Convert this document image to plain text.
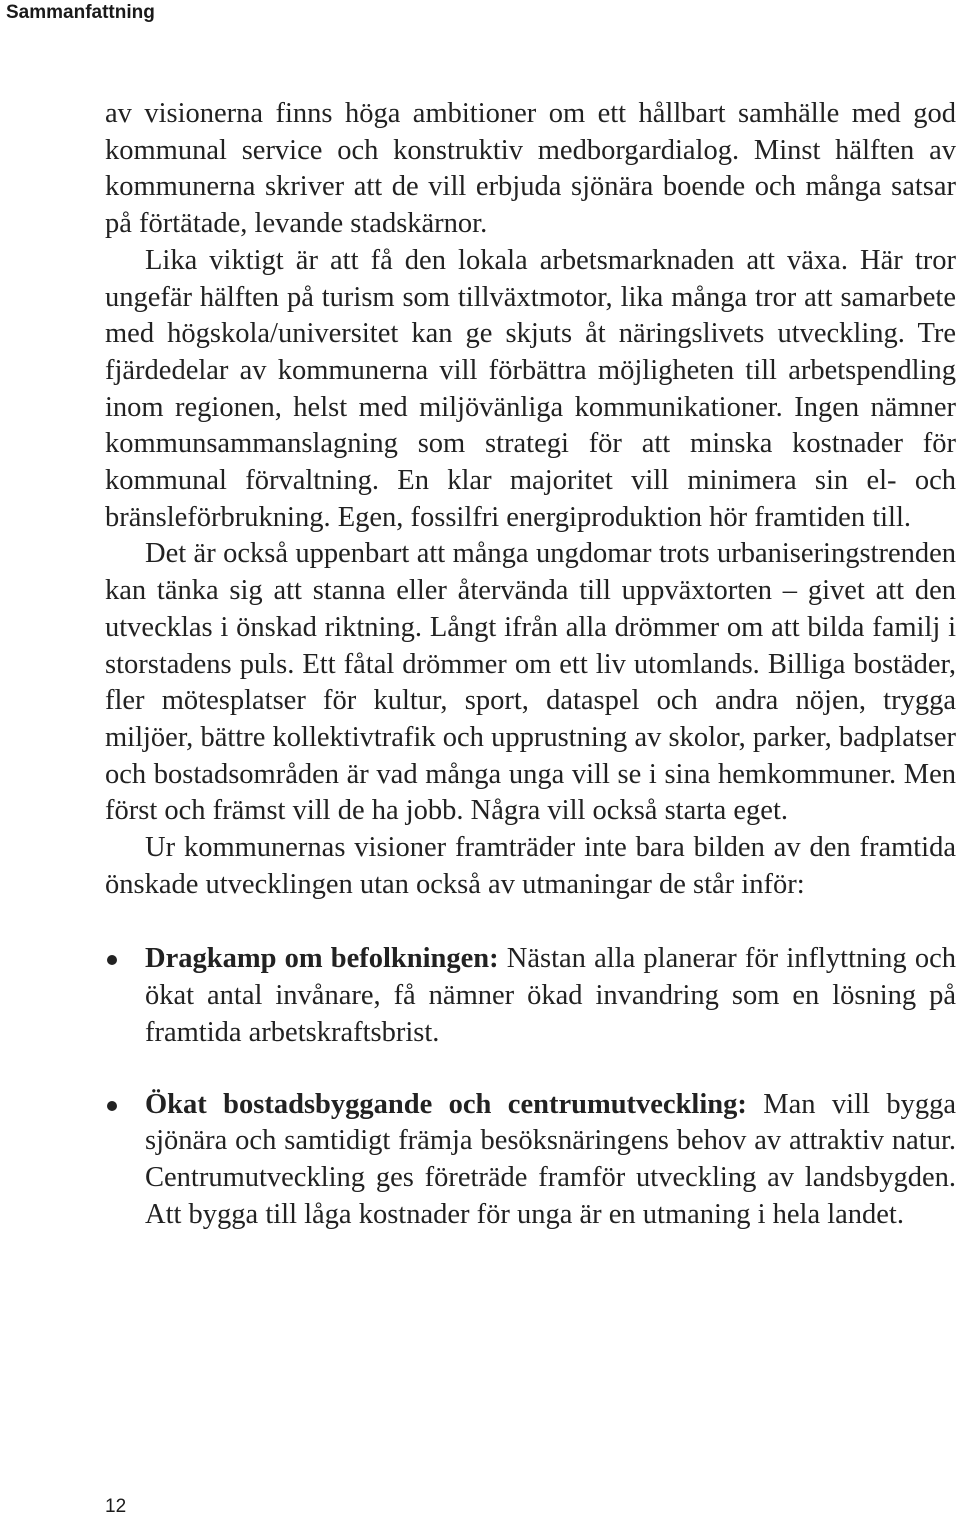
Sammanfattning

av visionerna finns höga ambitioner om ett hållbart samhälle med god kommunal service och konstruktiv medborgardialog. Minst hälften av kommunerna skriver att de vill erbjuda sjönära boende och många satsar på förtätade, levande stadskärnor.

Lika viktigt är att få den lokala arbetsmarknaden att växa. Här tror ungefär hälften på turism som tillväxtmotor, lika många tror att samarbete med högskola/universitet kan ge skjuts åt näringslivets utveckling. Tre fjärdedelar av kommunerna vill förbättra möjligheten till arbetspendling inom regionen, helst med miljövänliga kommunikationer. Ingen nämner kommunsammanslagning som strategi för att minska kostnader för kommunal förvaltning. En klar majoritet vill minimera sin el- och bränsleförbrukning. Egen, fossilfri energiproduktion hör framtiden till.

Det är också uppenbart att många ungdomar trots urbaniseringstrenden kan tänka sig att stanna eller återvända till uppväxtorten – givet att den utvecklas i önskad riktning. Långt ifrån alla drömmer om att bilda familj i storstadens puls. Ett fåtal drömmer om ett liv utomlands. Billiga bostäder, fler mötesplatser för kultur, sport, dataspel och andra nöjen, trygga miljöer, bättre kollektivtrafik och upprustning av skolor, parker, badplatser och bostadsområden är vad många unga vill se i sina hemkommuner. Men först och främst vill de ha jobb. Några vill också starta eget.

Ur kommunernas visioner framträder inte bara bilden av den framtida önskade utvecklingen utan också av utmaningar de står inför:

Dragkamp om befolkningen: Nästan alla planerar för inflyttning och ökat antal invånare, få nämner ökad invandring som en lösning på framtida arbetskraftsbrist.
Ökat bostadsbyggande och centrumutveckling: Man vill bygga sjönära och samtidigt främja besöksnäringens behov av attraktiv natur. Centrumutveckling ges företräde framför utveckling av landsbygden. Att bygga till låga kostnader för unga är en utmaning i hela landet.
12
